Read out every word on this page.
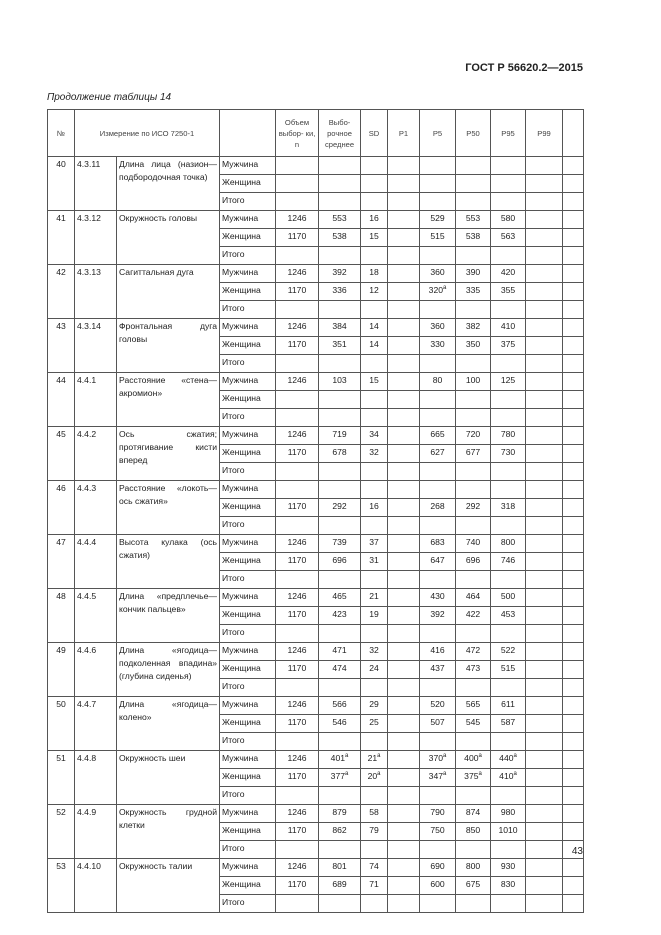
ГОСТ Р 56620.2—2015
Продолжение таблицы 14
№	Измерение по ИСО 7250-1			Объем выбор- ки, n	Выбо- рочное среднее	SD	P1	P5	P50	P95	P99	
40	4.3.11	Длина лица (назион—подбородочная точка)	Мужчина									
			Женщина									
			Итого									
41	4.3.12	Окружность головы	Мужчина	1246	553	16		529	553	580		
			Женщина	1170	538	15		515	538	563		
			Итого									
42	4.3.13	Сагиттальная дуга	Мужчина	1246	392	18		360	390	420		
			Женщина	1170	336	12		320$^a$	335	355		
			Итого									
43	4.3.14	Фронтальная дуга головы	Мужчина	1246	384	14		360	382	410		
			Женщина	1170	351	14		330	350	375		
			Итого									
44	4.4.1	Расстояние «стена—акромион»	Мужчина	1246	103	15		80	100	125		
			Женщина									
			Итого									
45	4.4.2	Ось сжатия; протягивание кисти вперед	Мужчина	1246	719	34		665	720	780		
			Женщина	1170	678	32		627	677	730		
			Итого									
46	4.4.3	Расстояние «локоть—ось сжатия»	Мужчина									
			Женщина	1170	292	16		268	292	318		
			Итого									
47	4.4.4	Высота кулака (ось сжатия)	Мужчина	1246	739	37		683	740	800		
			Женщина	1170	696	31		647	696	746		
			Итого									
48	4.4.5	Длина «предплечье—кончик пальцев»	Мужчина	1246	465	21		430	464	500		
			Женщина	1170	423	19		392	422	453		
			Итого									
49	4.4.6	Длина «ягодица—подколенная впадина» (глубина сиденья)	Мужчина	1246	471	32		416	472	522		
			Женщина	1170	474	24		437	473	515		
			Итого									
50	4.4.7	Длина «ягодица—колено»	Мужчина	1246	566	29		520	565	611		
			Женщина	1170	546	25		507	545	587		
			Итого									
51	4.4.8	Окружность шеи	Мужчина	1246	401$^a$	21$^a$		370$^a$	400$^a$	440$^a$		
			Женщина	1170	377$^a$	20$^a$		347$^a$	375$^a$	410$^a$		
			Итого									
52	4.4.9	Окружность грудной клетки	Мужчина	1246	879	58		790	874	980		
			Женщина	1170	862	79		750	850	1010		
			Итого									
53	4.4.10	Окружность талии	Мужчина	1246	801	74		690	800	930		
			Женщина	1170	689	71		600	675	830		
			Итого									
43
